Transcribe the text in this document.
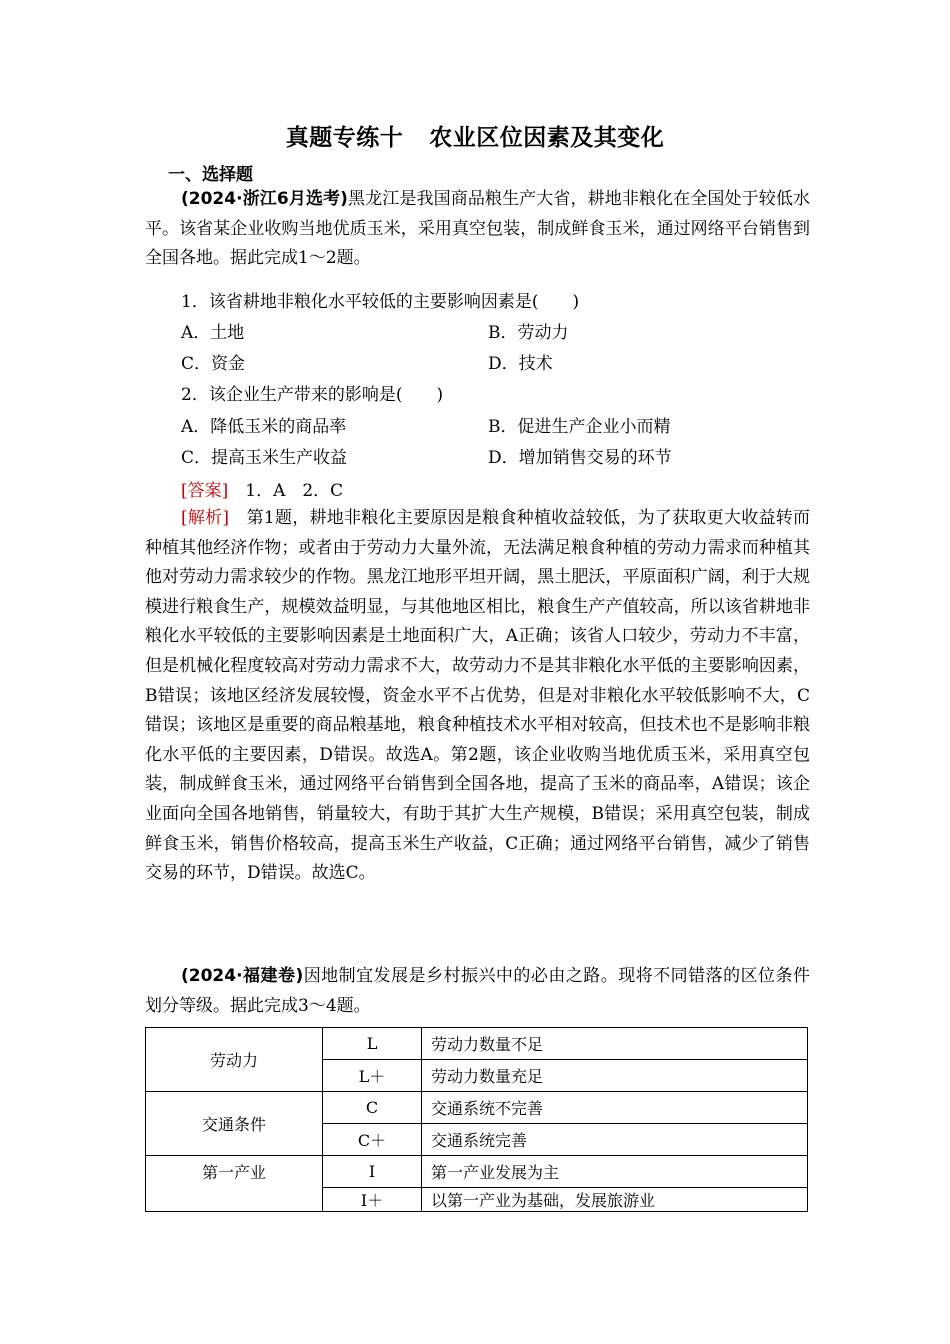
真题专练十 农业区位因素及其变化
一、选择题
(2024·浙江6月选考)黑龙江是我国商品粮生产大省，耕地非粮化在全国处于较低水平。该省某企业收购当地优质玉米，采用真空包装，制成鲜食玉米，通过网络平台销售到全国各地。据此完成1～2题。
1．该省耕地非粮化水平较低的主要影响因素是(　　)
A．土地	B．劳动力
C．资金	D．技术
2．该企业生产带来的影响是(　　)
A．降低玉米的商品率	B．促进生产企业小而精
C．提高玉米生产收益	D．增加销售交易的环节
[答案]　1．A　2．C
[解析]　第1题，耕地非粮化主要原因是粮食种植收益较低，为了获取更大收益转而种植其他经济作物；或者由于劳动力大量外流，无法满足粮食种植的劳动力需求而种植其他对劳动力需求较少的作物。黑龙江地形平坦开阔，黑土肥沃，平原面积广阔，利于大规模进行粮食生产，规模效益明显，与其他地区相比，粮食生产产值较高，所以该省耕地非粮化水平较低的主要影响因素是土地面积广大，A正确；该省人口较少，劳动力不丰富，但是机械化程度较高对劳动力需求不大，故劳动力不是其非粮化水平低的主要影响因素，B错误；该地区经济发展较慢，资金水平不占优势，但是对非粮化水平较低影响不大，C错误；该地区是重要的商品粮基地，粮食种植技术水平相对较高，但技术也不是影响非粮化水平低的主要因素，D错误。故选A。第2题，该企业收购当地优质玉米，采用真空包装，制成鲜食玉米，通过网络平台销售到全国各地，提高了玉米的商品率，A错误；该企业面向全国各地销售，销量较大，有助于其扩大生产规模，B错误；采用真空包装，制成鲜食玉米，销售价格较高，提高玉米生产收益，C正确；通过网络平台销售，减少了销售交易的环节，D错误。故选C。
(2024·福建卷)因地制宜发展是乡村振兴中的必由之路。现将不同错落的区位条件划分等级。据此完成3～4题。
劳动力	L	劳动力数量不足
	L＋	劳动力数量充足
交通条件	C	交通系统不完善
	C＋	交通系统完善
第一产业	I	第一产业发展为主
	I＋	以第一产业为基础，发展旅游业
